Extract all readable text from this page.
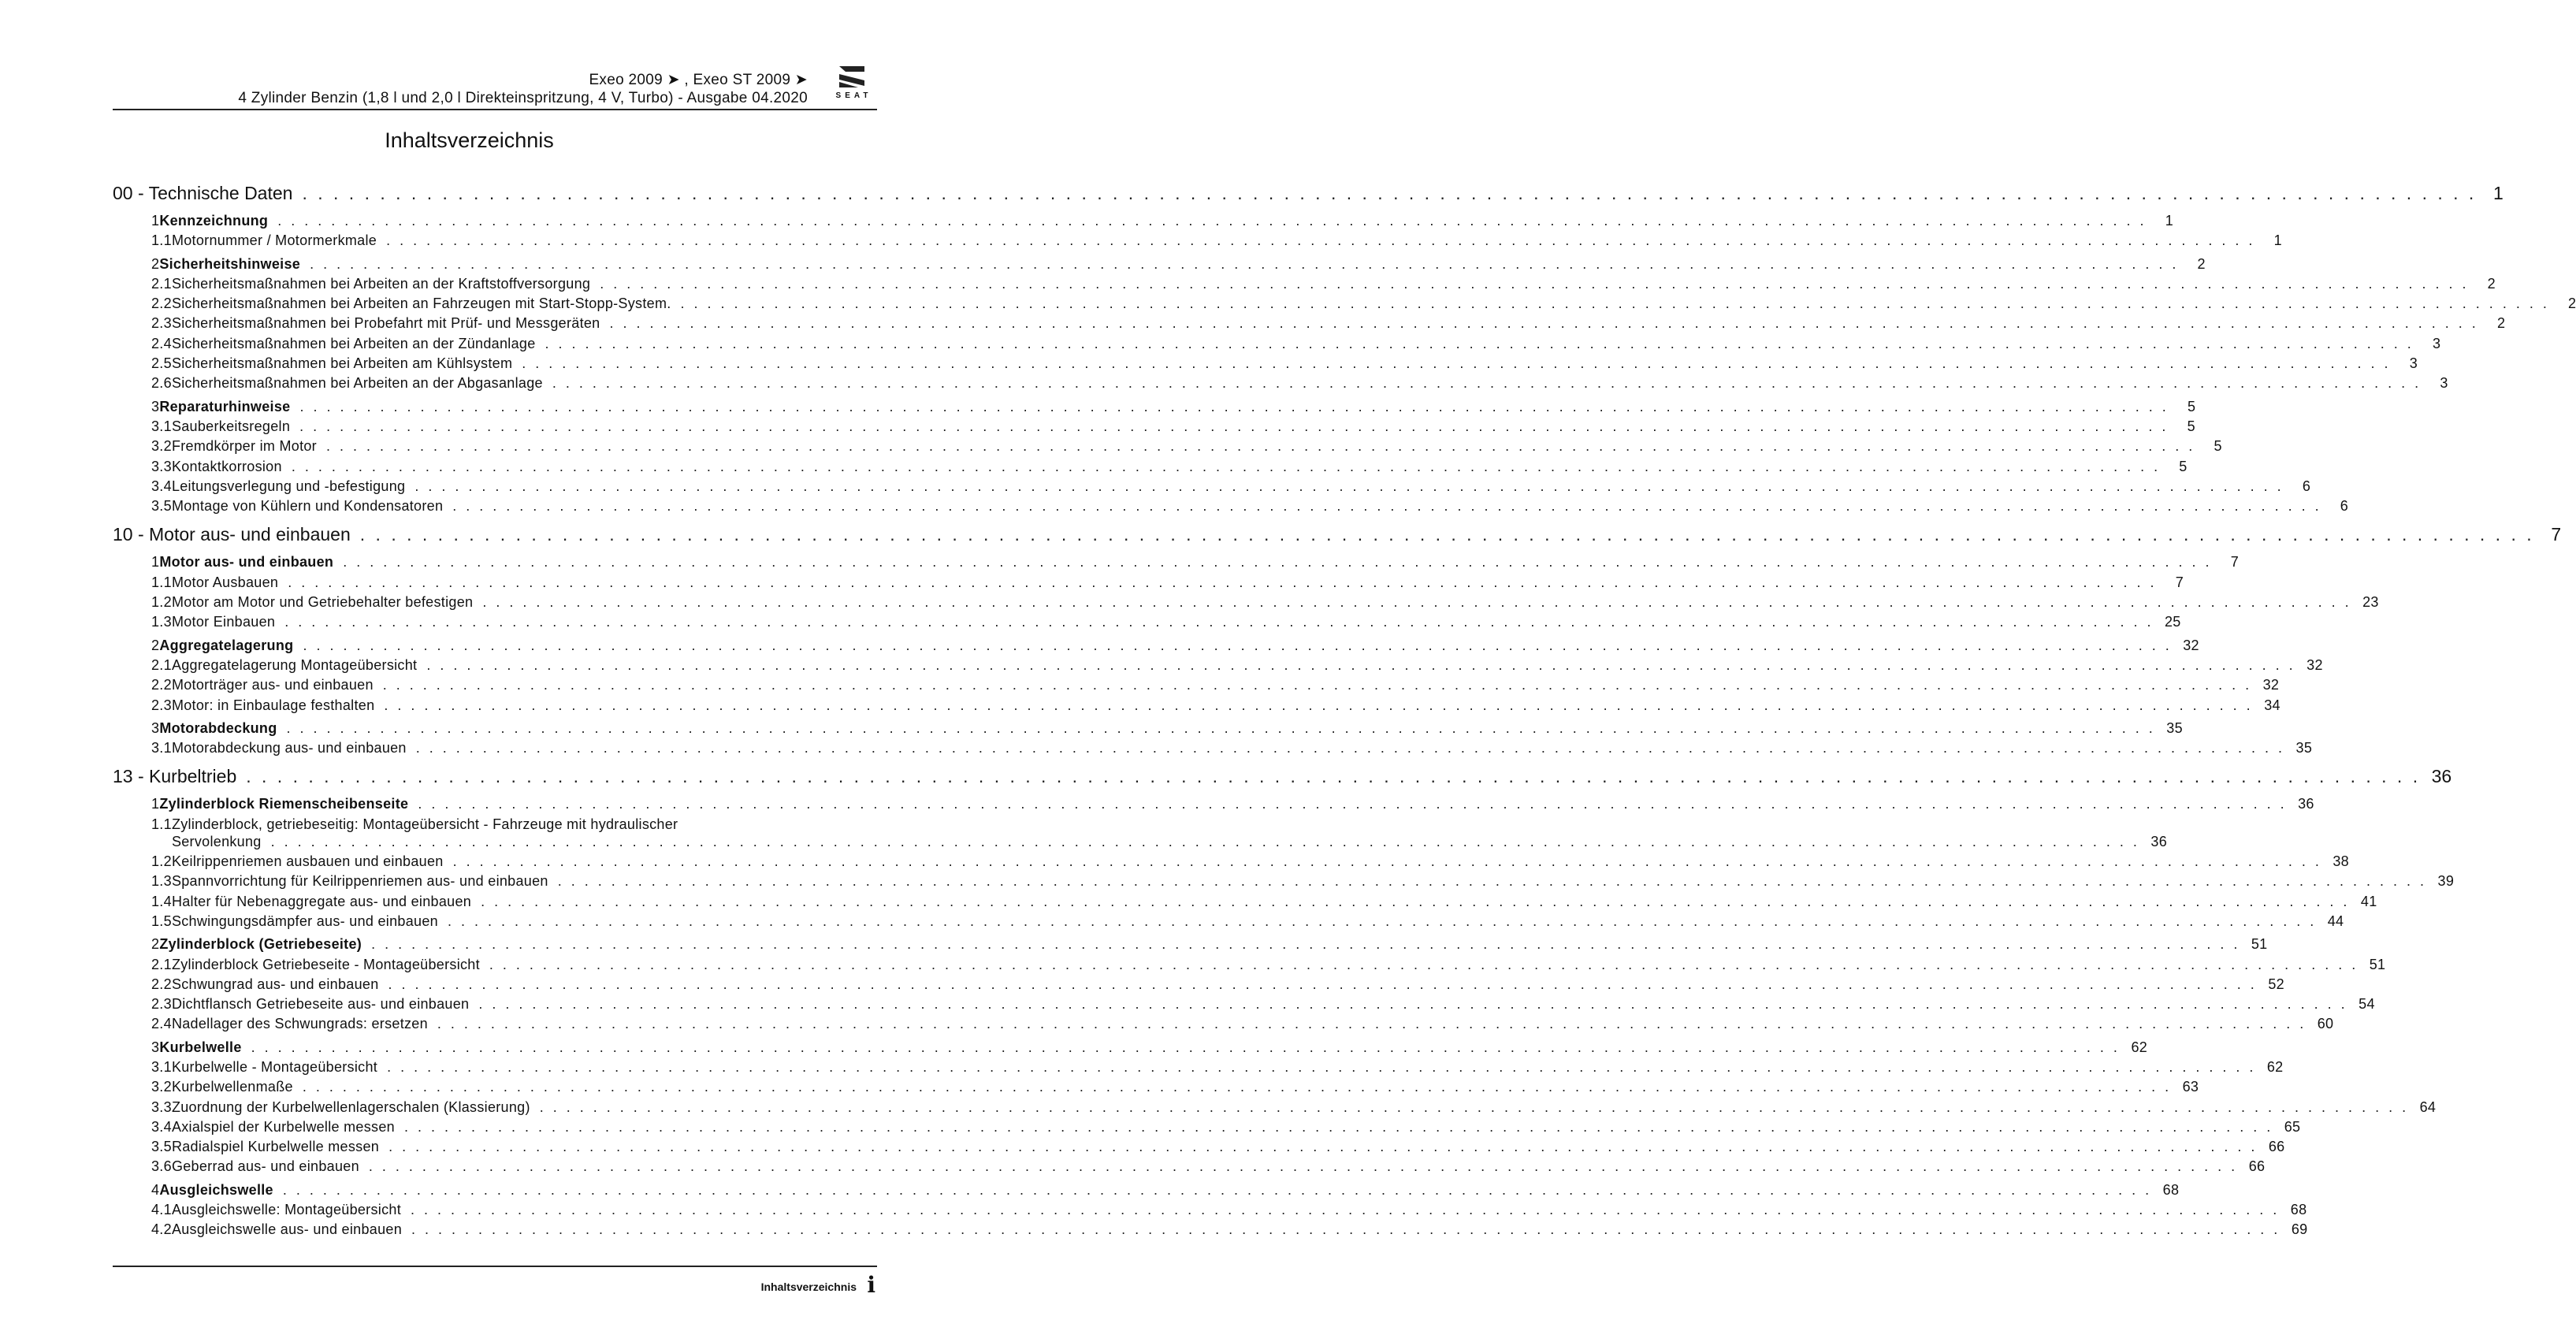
Exeo 2009 ➤ , Exeo ST 2009 ➤
4 Zylinder Benzin (1,8 l und 2,0 l Direkteinspritzung, 4 V, Turbo) - Ausgabe 04.2020	SEAT
Inhaltsverzeichnis
00 - Technische Daten . . . . . . . . . . . . . . . . . . . . . . . . . . . . . . . . . . . . . . . . . . . . . . . . . . . . . . . . . . . . . . . . . . . . . . . . . . . . . . . . . . . . . . . . . . . . . . . . . . . . . . . . . . . . . . . . . . . . . . . . . . . . . . . . . . . . . . . . . . . . 1
1 Kennzeichnung . . . . . . . . . . . . . . . . . . . . . . . . . . . . . . . . . . . . . . . . . . . . . . . . . . . . . . . . . . . . . . . . . . . . . . . . . . . . . . . . . . . . . . . . . . . . . . . . . . . . . . . . . . . . . . . . . . . . . . . . . . . . . . . . . . . . . . . . . . . .	1
1.1 Motornummer / Motormerkmale . . . . . . . . . . . . . . . . . . . . . . . . . . . . . . . . . . . . . . . . . . . . . . . . . . . . . . . . . . . . . . . . . . . . . . . . . . . . . . . . . . . . . . . . . . . . . . . . . . . . . . . . . . . . . . . . . . . . . . . . . . . . . . . . . . . . . . . . . . . .	1
2 Sicherheitshinweise . . . . . . . . . . . . . . . . . . . . . . . . . . . . . . . . . . . . . . . . . . . . . . . . . . . . . . . . . . . . . . . . . . . . . . . . . . . . . . . . . . . . . . . . . . . . . . . . . . . . . . . . . . . . . . . . . . . . . . . . . . . . . . . . . . . . . . . . . . . .	2
2.1 Sicherheitsmaßnahmen bei Arbeiten an der Kraftstoffversorgung . . . . . . . . . . . . . . . . . . . . . . . . . . . . . . . . . . . . . . . . . . . . . . . . . . . . . . . . . . . . . . . . . . . . . . . . . . . . . . . . . . . . . . . . . . . . . . . . . . . . . . . . . . . . . . . . . . . . . . . . . . . . . . . . . . . . . . . . . . . .	2
2.2 Sicherheitsmaßnahmen bei Arbeiten an Fahrzeugen mit Start-Stopp-System. . . . . . . . . . . . . . . . . . . . . . . . . . . . . . . . . . . . . . . . . . . . . . . . . . . . . . . . . . . . . . . . . . . . . . . . . . . . . . . . . . . . . . . . . . . . . . . . . . . . . . . . . . . . . . . . . . . . . . . . . . . . . . . . . . . . . . . . . . . . .	2
2.3 Sicherheitsmaßnahmen bei Probefahrt mit Prüf- und Messgeräten . . . . . . . . . . . . . . . . . . . . . . . . . . . . . . . . . . . . . . . . . . . . . . . . . . . . . . . . . . . . . . . . . . . . . . . . . . . . . . . . . . . . . . . . . . . . . . . . . . . . . . . . . . . . . . . . . . . . . . . . . . . . . . . . . . . . . . . . . . . .	2
2.4 Sicherheitsmaßnahmen bei Arbeiten an der Zündanlage . . . . . . . . . . . . . . . . . . . . . . . . . . . . . . . . . . . . . . . . . . . . . . . . . . . . . . . . . . . . . . . . . . . . . . . . . . . . . . . . . . . . . . . . . . . . . . . . . . . . . . . . . . . . . . . . . . . . . . . . . . . . . . . . . . . . . . . . . . . .	3
2.5 Sicherheitsmaßnahmen bei Arbeiten am Kühlsystem . . . . . . . . . . . . . . . . . . . . . . . . . . . . . . . . . . . . . . . . . . . . . . . . . . . . . . . . . . . . . . . . . . . . . . . . . . . . . . . . . . . . . . . . . . . . . . . . . . . . . . . . . . . . . . . . . . . . . . . . . . . . . . . . . . . . . . . . . . . .	3
2.6 Sicherheitsmaßnahmen bei Arbeiten an der Abgasanlage . . . . . . . . . . . . . . . . . . . . . . . . . . . . . . . . . . . . . . . . . . . . . . . . . . . . . . . . . . . . . . . . . . . . . . . . . . . . . . . . . . . . . . . . . . . . . . . . . . . . . . . . . . . . . . . . . . . . . . . . . . . . . . . . . . . . . . . . . . . .	3
3 Reparaturhinweise . . . . . . . . . . . . . . . . . . . . . . . . . . . . . . . . . . . . . . . . . . . . . . . . . . . . . . . . . . . . . . . . . . . . . . . . . . . . . . . . . . . . . . . . . . . . . . . . . . . . . . . . . . . . . . . . . . . . . . . . . . . . . . . . . . . . . . . . . . . .	5
3.1 Sauberkeitsregeln . . . . . . . . . . . . . . . . . . . . . . . . . . . . . . . . . . . . . . . . . . . . . . . . . . . . . . . . . . . . . . . . . . . . . . . . . . . . . . . . . . . . . . . . . . . . . . . . . . . . . . . . . . . . . . . . . . . . . . . . . . . . . . . . . . . . . . . . . . . .	5
3.2 Fremdkörper im Motor . . . . . . . . . . . . . . . . . . . . . . . . . . . . . . . . . . . . . . . . . . . . . . . . . . . . . . . . . . . . . . . . . . . . . . . . . . . . . . . . . . . . . . . . . . . . . . . . . . . . . . . . . . . . . . . . . . . . . . . . . . . . . . . . . . . . . . . . . . . .	5
3.3 Kontaktkorrosion . . . . . . . . . . . . . . . . . . . . . . . . . . . . . . . . . . . . . . . . . . . . . . . . . . . . . . . . . . . . . . . . . . . . . . . . . . . . . . . . . . . . . . . . . . . . . . . . . . . . . . . . . . . . . . . . . . . . . . . . . . . . . . . . . . . . . . . . . . . .	5
3.4 Leitungsverlegung und -befestigung . . . . . . . . . . . . . . . . . . . . . . . . . . . . . . . . . . . . . . . . . . . . . . . . . . . . . . . . . . . . . . . . . . . . . . . . . . . . . . . . . . . . . . . . . . . . . . . . . . . . . . . . . . . . . . . . . . . . . . . . . . . . . . . . . . . . . . . . . . . .	6
3.5 Montage von Kühlern und Kondensatoren . . . . . . . . . . . . . . . . . . . . . . . . . . . . . . . . . . . . . . . . . . . . . . . . . . . . . . . . . . . . . . . . . . . . . . . . . . . . . . . . . . . . . . . . . . . . . . . . . . . . . . . . . . . . . . . . . . . . . . . . . . . . . . . . . . . . . . . . . . . .	6
10 - Motor aus- und einbauen . . . . . . . . . . . . . . . . . . . . . . . . . . . . . . . . . . . . . . . . . . . . . . . . . . . . . . . . . . . . . . . . . . . . . . . . . . . . . . . . . . . . . . . . . . . . . . . . . . . . . . . . . . . . . . . . . . . . . . . . . . . . . . . . . . . . . . . . . . . . 7
1 Motor aus- und einbauen . . . . . . . . . . . . . . . . . . . . . . . . . . . . . . . . . . . . . . . . . . . . . . . . . . . . . . . . . . . . . . . . . . . . . . . . . . . . . . . . . . . . . . . . . . . . . . . . . . . . . . . . . . . . . . . . . . . . . . . . . . . . . . . . . . . . . . . . . . . .	7
1.1 Motor Ausbauen . . . . . . . . . . . . . . . . . . . . . . . . . . . . . . . . . . . . . . . . . . . . . . . . . . . . . . . . . . . . . . . . . . . . . . . . . . . . . . . . . . . . . . . . . . . . . . . . . . . . . . . . . . . . . . . . . . . . . . . . . . . . . . . . . . . . . . . . . . . .	7
1.2 Motor am Motor und Getriebehalter befestigen . . . . . . . . . . . . . . . . . . . . . . . . . . . . . . . . . . . . . . . . . . . . . . . . . . . . . . . . . . . . . . . . . . . . . . . . . . . . . . . . . . . . . . . . . . . . . . . . . . . . . . . . . . . . . . . . . . . . . . . . . . . . . . . . . . . . . . . . . . . . 23
1.3 Motor Einbauen . . . . . . . . . . . . . . . . . . . . . . . . . . . . . . . . . . . . . . . . . . . . . . . . . . . . . . . . . . . . . . . . . . . . . . . . . . . . . . . . . . . . . . . . . . . . . . . . . . . . . . . . . . . . . . . . . . . . . . . . . . . . . . . . . . . . . . . . . . . . 25
2 Aggregatelagerung . . . . . . . . . . . . . . . . . . . . . . . . . . . . . . . . . . . . . . . . . . . . . . . . . . . . . . . . . . . . . . . . . . . . . . . . . . . . . . . . . . . . . . . . . . . . . . . . . . . . . . . . . . . . . . . . . . . . . . . . . . . . . . . . . . . . . . . . . . . . 32
2.1 Aggregatelagerung Montageübersicht . . . . . . . . . . . . . . . . . . . . . . . . . . . . . . . . . . . . . . . . . . . . . . . . . . . . . . . . . . . . . . . . . . . . . . . . . . . . . . . . . . . . . . . . . . . . . . . . . . . . . . . . . . . . . . . . . . . . . . . . . . . . . . . . . . . . . . . . . . . . 32
2.2 Motorträger aus- und einbauen . . . . . . . . . . . . . . . . . . . . . . . . . . . . . . . . . . . . . . . . . . . . . . . . . . . . . . . . . . . . . . . . . . . . . . . . . . . . . . . . . . . . . . . . . . . . . . . . . . . . . . . . . . . . . . . . . . . . . . . . . . . . . . . . . . . . . . . . . . . . 32
2.3 Motor: in Einbaulage festhalten . . . . . . . . . . . . . . . . . . . . . . . . . . . . . . . . . . . . . . . . . . . . . . . . . . . . . . . . . . . . . . . . . . . . . . . . . . . . . . . . . . . . . . . . . . . . . . . . . . . . . . . . . . . . . . . . . . . . . . . . . . . . . . . . . . . . . . . . . . . . 34
3 Motorabdeckung . . . . . . . . . . . . . . . . . . . . . . . . . . . . . . . . . . . . . . . . . . . . . . . . . . . . . . . . . . . . . . . . . . . . . . . . . . . . . . . . . . . . . . . . . . . . . . . . . . . . . . . . . . . . . . . . . . . . . . . . . . . . . . . . . . . . . . . . . . . . 35
3.1 Motorabdeckung aus- und einbauen . . . . . . . . . . . . . . . . . . . . . . . . . . . . . . . . . . . . . . . . . . . . . . . . . . . . . . . . . . . . . . . . . . . . . . . . . . . . . . . . . . . . . . . . . . . . . . . . . . . . . . . . . . . . . . . . . . . . . . . . . . . . . . . . . . . . . . . . . . . . 35
13 - Kurbeltrieb . . . . . . . . . . . . . . . . . . . . . . . . . . . . . . . . . . . . . . . . . . . . . . . . . . . . . . . . . . . . . . . . . . . . . . . . . . . . . . . . . . . . . . . . . . . . . . . . . . . . . . . . . . . . . . . . . . . . . . . . . . . . . . . . . . . . . . . . . . . . 36
1 Zylinderblock Riemenscheibenseite . . . . . . . . . . . . . . . . . . . . . . . . . . . . . . . . . . . . . . . . . . . . . . . . . . . . . . . . . . . . . . . . . . . . . . . . . . . . . . . . . . . . . . . . . . . . . . . . . . . . . . . . . . . . . . . . . . . . . . . . . . . . . . . . . . . . . . . . . . . . 36
1.1 Zylinderblock, getriebeseitig: Montageübersicht - Fahrzeuge mit hydraulischer
Servolenkung . . . . . . . . . . . . . . . . . . . . . . . . . . . . . . . . . . . . . . . . . . . . . . . . . . . . . . . . . . . . . . . . . . . . . . . . . . . . . . . . . . . . . . . . . . . . . . . . . . . . . . . . . . . . . . . . . . . . . . . . . . . . . . . . . . . . . . . . . . . . 36
1.2 Keilrippenriemen ausbauen und einbauen . . . . . . . . . . . . . . . . . . . . . . . . . . . . . . . . . . . . . . . . . . . . . . . . . . . . . . . . . . . . . . . . . . . . . . . . . . . . . . . . . . . . . . . . . . . . . . . . . . . . . . . . . . . . . . . . . . . . . . . . . . . . . . . . . . . . . . . . . . . . 38
1.3 Spannvorrichtung für Keilrippenriemen aus- und einbauen . . . . . . . . . . . . . . . . . . . . . . . . . . . . . . . . . . . . . . . . . . . . . . . . . . . . . . . . . . . . . . . . . . . . . . . . . . . . . . . . . . . . . . . . . . . . . . . . . . . . . . . . . . . . . . . . . . . . . . . . . . . . . . . . . . . . . . . . . . . . 39
1.4 Halter für Nebenaggregate aus- und einbauen . . . . . . . . . . . . . . . . . . . . . . . . . . . . . . . . . . . . . . . . . . . . . . . . . . . . . . . . . . . . . . . . . . . . . . . . . . . . . . . . . . . . . . . . . . . . . . . . . . . . . . . . . . . . . . . . . . . . . . . . . . . . . . . . . . . . . . . . . . . . 41
1.5 Schwingungsdämpfer aus- und einbauen . . . . . . . . . . . . . . . . . . . . . . . . . . . . . . . . . . . . . . . . . . . . . . . . . . . . . . . . . . . . . . . . . . . . . . . . . . . . . . . . . . . . . . . . . . . . . . . . . . . . . . . . . . . . . . . . . . . . . . . . . . . . . . . . . . . . . . . . . . . . 44
2 Zylinderblock (Getriebeseite) . . . . . . . . . . . . . . . . . . . . . . . . . . . . . . . . . . . . . . . . . . . . . . . . . . . . . . . . . . . . . . . . . . . . . . . . . . . . . . . . . . . . . . . . . . . . . . . . . . . . . . . . . . . . . . . . . . . . . . . . . . . . . . . . . . . . . . . . . . . . 51
2.1 Zylinderblock Getriebeseite - Montageübersicht . . . . . . . . . . . . . . . . . . . . . . . . . . . . . . . . . . . . . . . . . . . . . . . . . . . . . . . . . . . . . . . . . . . . . . . . . . . . . . . . . . . . . . . . . . . . . . . . . . . . . . . . . . . . . . . . . . . . . . . . . . . . . . . . . . . . . . . . . . . . 51
2.2 Schwungrad aus- und einbauen . . . . . . . . . . . . . . . . . . . . . . . . . . . . . . . . . . . . . . . . . . . . . . . . . . . . . . . . . . . . . . . . . . . . . . . . . . . . . . . . . . . . . . . . . . . . . . . . . . . . . . . . . . . . . . . . . . . . . . . . . . . . . . . . . . . . . . . . . . . . 52
2.3 Dichtflansch Getriebeseite aus- und einbauen . . . . . . . . . . . . . . . . . . . . . . . . . . . . . . . . . . . . . . . . . . . . . . . . . . . . . . . . . . . . . . . . . . . . . . . . . . . . . . . . . . . . . . . . . . . . . . . . . . . . . . . . . . . . . . . . . . . . . . . . . . . . . . . . . . . . . . . . . . . . 54
2.4 Nadellager des Schwungrads: ersetzen . . . . . . . . . . . . . . . . . . . . . . . . . . . . . . . . . . . . . . . . . . . . . . . . . . . . . . . . . . . . . . . . . . . . . . . . . . . . . . . . . . . . . . . . . . . . . . . . . . . . . . . . . . . . . . . . . . . . . . . . . . . . . . . . . . . . . . . . . . . . 60
3 Kurbelwelle . . . . . . . . . . . . . . . . . . . . . . . . . . . . . . . . . . . . . . . . . . . . . . . . . . . . . . . . . . . . . . . . . . . . . . . . . . . . . . . . . . . . . . . . . . . . . . . . . . . . . . . . . . . . . . . . . . . . . . . . . . . . . . . . . . . . . . . . . . . . 62
3.1 Kurbelwelle - Montageübersicht . . . . . . . . . . . . . . . . . . . . . . . . . . . . . . . . . . . . . . . . . . . . . . . . . . . . . . . . . . . . . . . . . . . . . . . . . . . . . . . . . . . . . . . . . . . . . . . . . . . . . . . . . . . . . . . . . . . . . . . . . . . . . . . . . . . . . . . . . . . . 62
3.2 Kurbelwellenmaße . . . . . . . . . . . . . . . . . . . . . . . . . . . . . . . . . . . . . . . . . . . . . . . . . . . . . . . . . . . . . . . . . . . . . . . . . . . . . . . . . . . . . . . . . . . . . . . . . . . . . . . . . . . . . . . . . . . . . . . . . . . . . . . . . . . . . . . . . . . . 63
3.3 Zuordnung der Kurbelwellenlagerschalen (Klassierung) . . . . . . . . . . . . . . . . . . . . . . . . . . . . . . . . . . . . . . . . . . . . . . . . . . . . . . . . . . . . . . . . . . . . . . . . . . . . . . . . . . . . . . . . . . . . . . . . . . . . . . . . . . . . . . . . . . . . . . . . . . . . . . . . . . . . . . . . . . . . 64
3.4 Axialspiel der Kurbelwelle messen . . . . . . . . . . . . . . . . . . . . . . . . . . . . . . . . . . . . . . . . . . . . . . . . . . . . . . . . . . . . . . . . . . . . . . . . . . . . . . . . . . . . . . . . . . . . . . . . . . . . . . . . . . . . . . . . . . . . . . . . . . . . . . . . . . . . . . . . . . . . 65
3.5 Radialspiel Kurbelwelle messen . . . . . . . . . . . . . . . . . . . . . . . . . . . . . . . . . . . . . . . . . . . . . . . . . . . . . . . . . . . . . . . . . . . . . . . . . . . . . . . . . . . . . . . . . . . . . . . . . . . . . . . . . . . . . . . . . . . . . . . . . . . . . . . . . . . . . . . . . . . . 66
3.6 Geberrad aus- und einbauen . . . . . . . . . . . . . . . . . . . . . . . . . . . . . . . . . . . . . . . . . . . . . . . . . . . . . . . . . . . . . . . . . . . . . . . . . . . . . . . . . . . . . . . . . . . . . . . . . . . . . . . . . . . . . . . . . . . . . . . . . . . . . . . . . . . . . . . . . . . . 66
4 Ausgleichswelle . . . . . . . . . . . . . . . . . . . . . . . . . . . . . . . . . . . . . . . . . . . . . . . . . . . . . . . . . . . . . . . . . . . . . . . . . . . . . . . . . . . . . . . . . . . . . . . . . . . . . . . . . . . . . . . . . . . . . . . . . . . . . . . . . . . . . . . . . . . . 68
4.1 Ausgleichswelle: Montageübersicht . . . . . . . . . . . . . . . . . . . . . . . . . . . . . . . . . . . . . . . . . . . . . . . . . . . . . . . . . . . . . . . . . . . . . . . . . . . . . . . . . . . . . . . . . . . . . . . . . . . . . . . . . . . . . . . . . . . . . . . . . . . . . . . . . . . . . . . . . . . . 68
4.2 Ausgleichswelle aus- und einbauen . . . . . . . . . . . . . . . . . . . . . . . . . . . . . . . . . . . . . . . . . . . . . . . . . . . . . . . . . . . . . . . . . . . . . . . . . . . . . . . . . . . . . . . . . . . . . . . . . . . . . . . . . . . . . . . . . . . . . . . . . . . . . . . . . . . . . . . . . . . . 69
Inhaltsverzeichnis i
